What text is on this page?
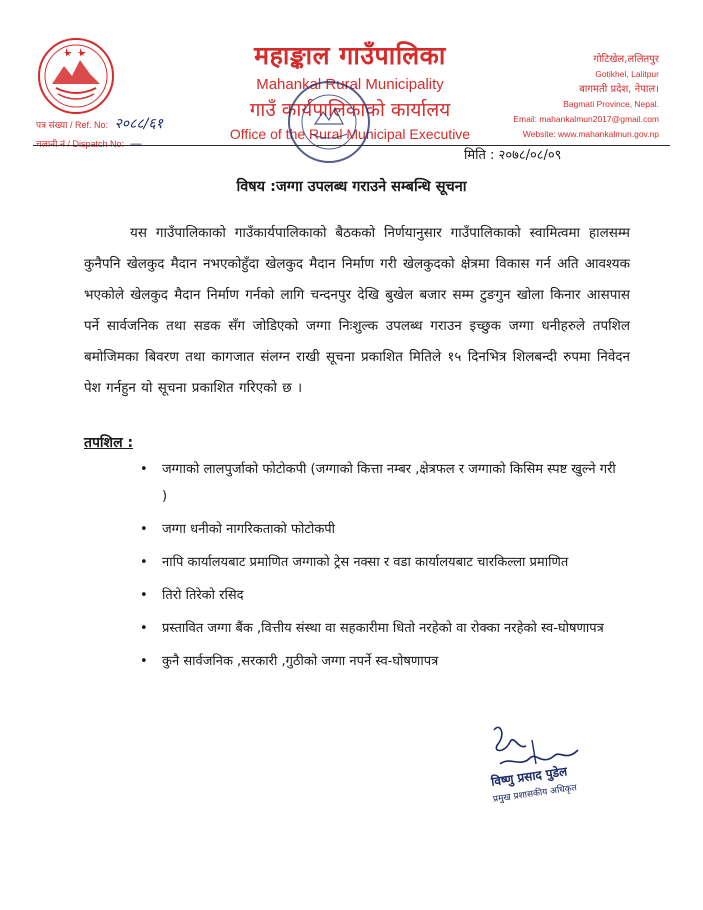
महाङ्काल गाउँपालिका
Mahankal Rural Municipality
गाउँ कार्यपालिकाको कार्यालय
Office of the Rural Municipal Executive
गोटिखेल,ललितपुर
Gotikhel, Lalitpur
बागमती प्रदेश, नेपाल।
Bagmati Province, Nepal.
Email: mahankalmun2017@gmail.com
Website: www.mahankalmun.gov.np
पत्र संख्या / Ref. No: २०८८/६१
चलानी नं / Dispatch No: —
मिति : २०७८/०८/०९
विषय :जग्गा उपलब्ध गराउने सम्बन्धि सूचना
यस गाउँपालिकाको गाउँकार्यपालिकाको बैठकको निर्णयानुसार गाउँपालिकाको स्वामित्वमा हालसम्म कुनैपनि खेलकुद मैदान नभएकोहुँदा खेलकुद मैदान निर्माण गरी खेलकुदको क्षेत्रमा विकास गर्न अति आवश्यक भएकोले खेलकुद मैदान निर्माण गर्नको लागि चन्दनपुर देखि बुखेल बजार सम्म टुङगुन खोला किनार आसपास पर्ने सार्वजनिक तथा सडक सँग जोडिएको जग्गा निःशुल्क उपलब्ध गराउन इच्छुक जग्गा धनीहरुले तपशिल बमोजिमका बिवरण तथा कागजात संलग्न राखी सूचना प्रकाशित मितिले १५ दिनभित्र शिलबन्दी रुपमा निवेदन पेश गर्नहुन यो सूचना प्रकाशित गरिएको छ ।
तपशिल :
• जग्गाको लालपुर्जाको फोटोकपी (जग्गाको कित्ता नम्बर ,क्षेत्रफल र जग्गाको किसिम स्पष्ट खुल्ने गरी )
• जग्गा धनीको नागरिकताको फोटोकपी
• नापि कार्यालयबाट प्रमाणित जग्गाको ट्रेस नक्सा र वडा कार्यालयबाट चारकिल्ला प्रमाणित
• तिरो तिरेको रसिद
• प्रस्तावित जग्गा बैंक ,वित्तीय संस्था वा सहकारीमा धितो नरहेको वा रोक्का नरहेको स्व-घोषणापत्र
• कुनै सार्वजनिक ,सरकारी ,गुठीको जग्गा नपर्ने स्व-घोषणापत्र
विष्णु प्रसाद पुडेल
प्रमुख प्रशासकीय अधिकृत
